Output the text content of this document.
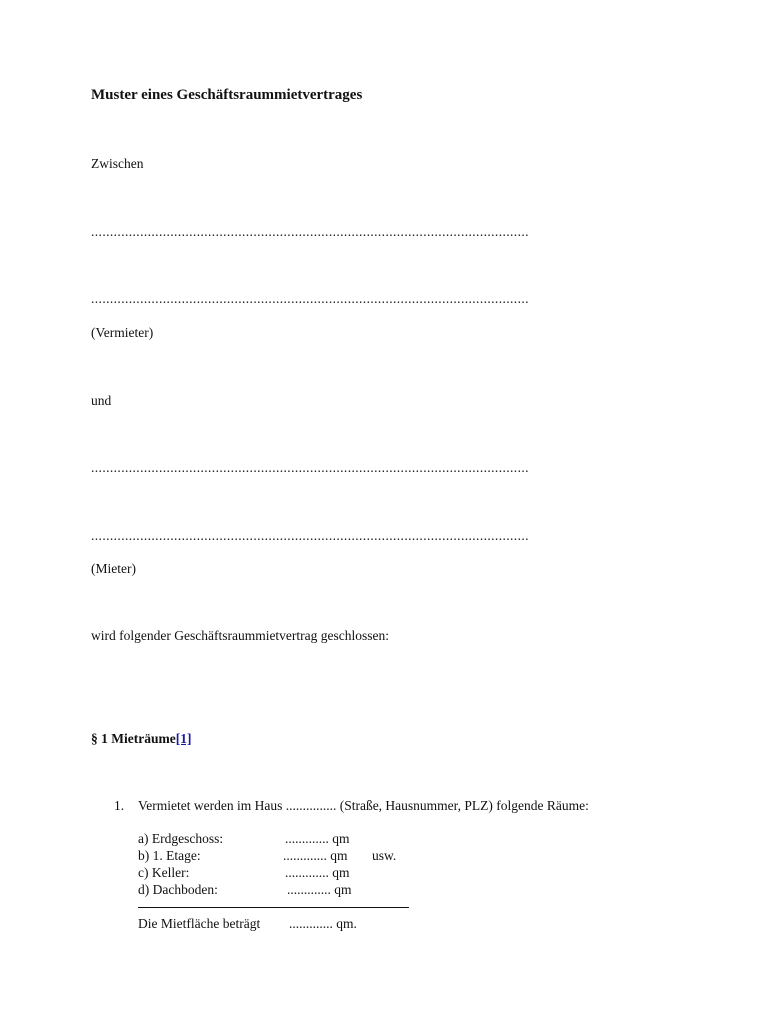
Muster eines Geschäftsraummietvertrages
Zwischen
....................................................................................................................
....................................................................................................................
(Vermieter)
und
....................................................................................................................
....................................................................................................................
(Mieter)
wird folgender Geschäftsraummietvertrag geschlossen:
§ 1 Mieträume[1]
1. Vermietet werden im Haus ............... (Straße, Hausnummer, PLZ) folgende Räume:
a) Erdgeschoss:	............. qm
b) 1. Etage:	............. qm usw.
c) Keller:	............. qm
d) Dachboden:	............. qm
Die Mietfläche beträgt ............. qm.
